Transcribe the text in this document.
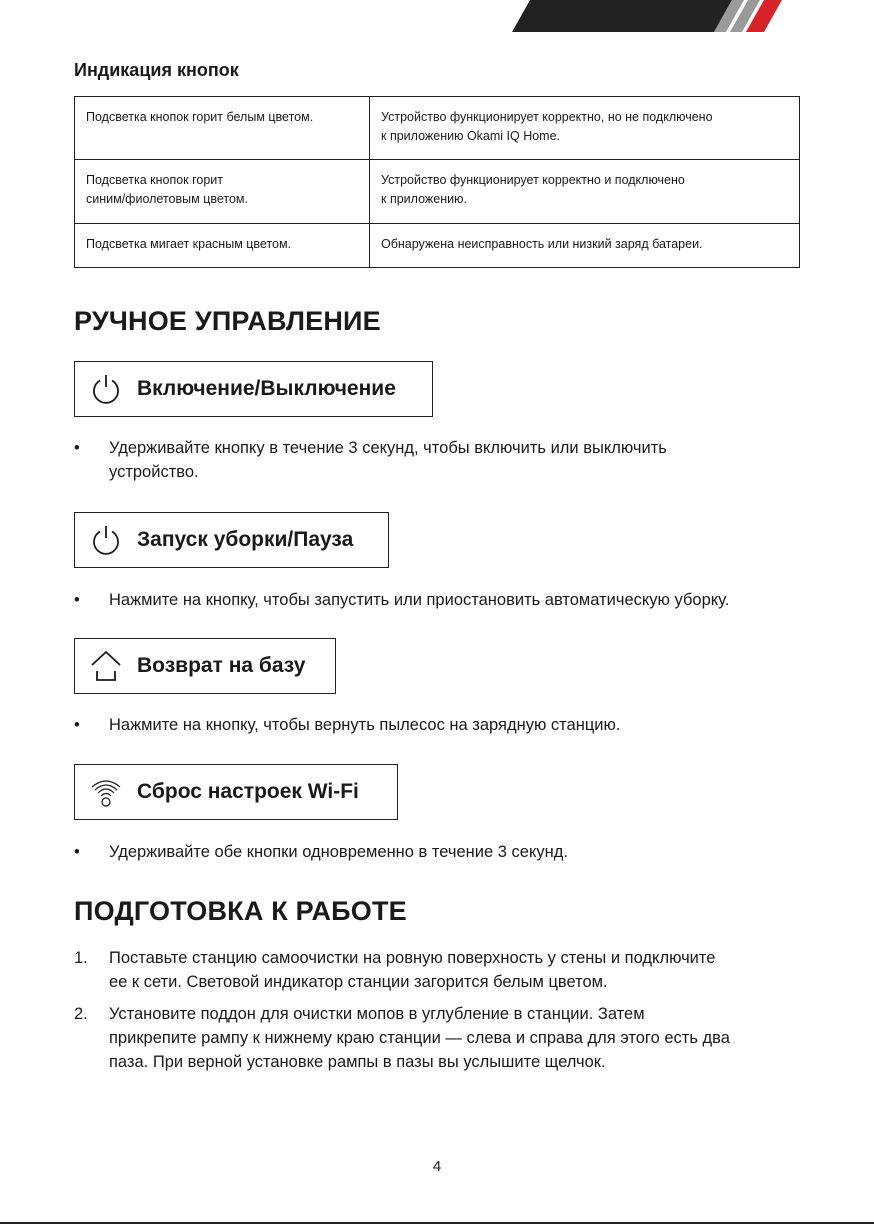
Индикация кнопок
Подсветка кнопок горит белым цветом.	Устройство функционирует корректно, но не подключено
к приложению Okami IQ Home.
Подсветка кнопок горит
синим/фиолетовым цветом.	Устройство функционирует корректно и подключено
к приложению.
Подсветка мигает красным цветом.	Обнаружена неисправность или низкий заряд батареи.
РУЧНОЕ УПРАВЛЕНИЕ
Включение/Выключение
• Удерживайте кнопку в течение 3 секунд, чтобы включить или выключить
устройство.
Запуск уборки/Пауза
• Нажмите на кнопку, чтобы запустить или приостановить автоматическую уборку.
Возврат на базу
• Нажмите на кнопку, чтобы вернуть пылесос на зарядную станцию.
Сброс настроек Wi-Fi
• Удерживайте обе кнопки одновременно в течение 3 секунд.
ПОДГОТОВКА К РАБОТЕ
1. Поставьте станцию самоочистки на ровную поверхность у стены и подключите
ее к сети. Световой индикатор станции загорится белым цветом.
2. Установите поддон для очистки мопов в углубление в станции. Затем
прикрепите рампу к нижнему краю станции — слева и справа для этого есть два
паза. При верной установке рампы в пазы вы услышите щелчок.
4
